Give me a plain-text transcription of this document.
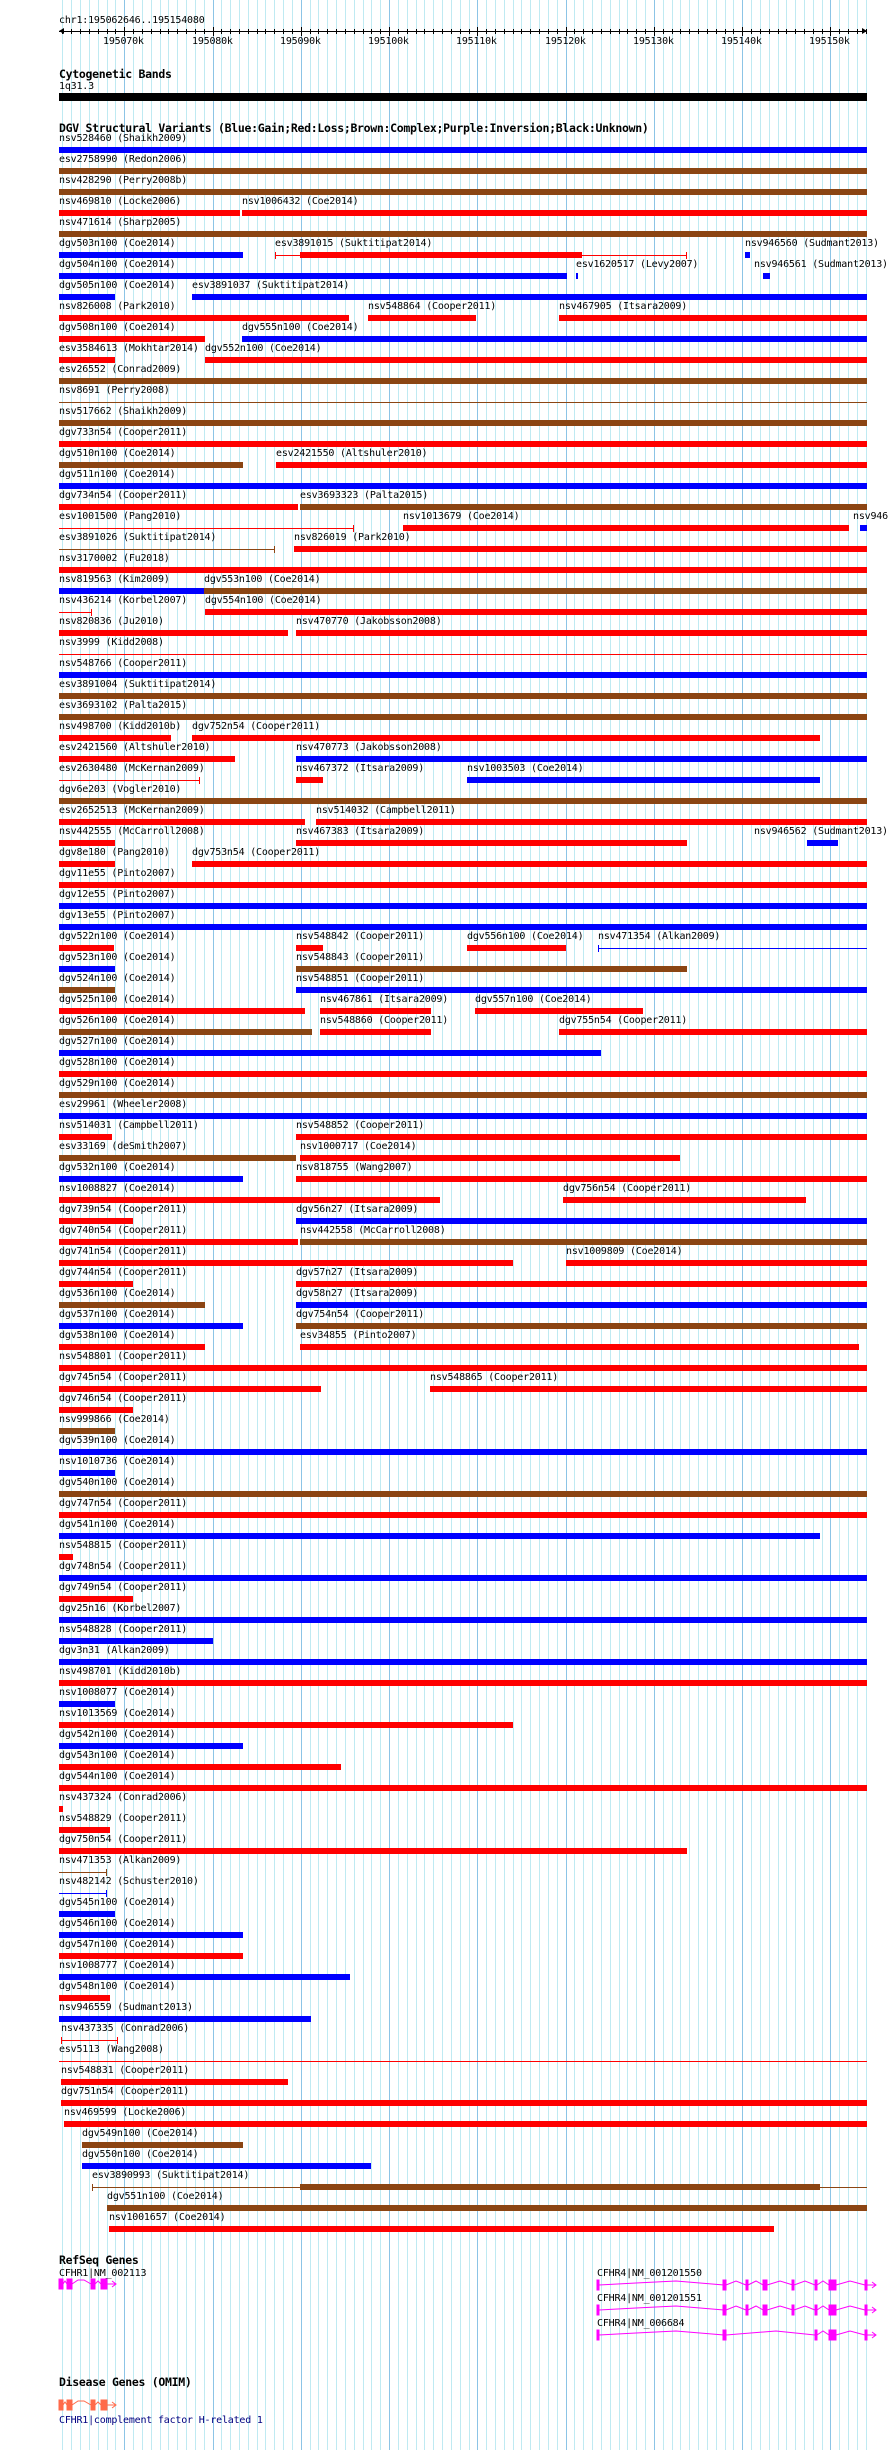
chr1:195062646..195154080
195070k	195080k	195090k	195100k	195110k	195120k	195130k	195140k	195150k
Cytogenetic Bands
1q31.3
DGV Structural Variants (Blue:Gain;Red:Loss;Brown:Complex;Purple:Inversion;Black:Unknown)
nsv528460 (Shaikh2009)
esv2758990 (Redon2006)
nsv428290 (Perry2008b)
nsv469810 (Locke2006)	nsv1006432 (Coe2014)
nsv471614 (Sharp2005)
dgv503n100 (Coe2014)	esv3891015 (Suktitipat2014)	nsv946560 (Sudmant2013)
dgv504n100 (Coe2014)	esv1620517 (Levy2007)	nsv946561 (Sudmant2013)
dgv505n100 (Coe2014) esv3891037 (Suktitipat2014)
nsv826008 (Park2010)	nsv548864 (Cooper2011)	nsv467905 (Itsara2009)
dgv508n100 (Coe2014)	dgv555n100 (Coe2014)
esv3584613 (Mokhtar2014) dgv552n100 (Coe2014)
esv26552 (Conrad2009)
nsv8691 (Perry2008)
nsv517662 (Shaikh2009)
dgv733n54 (Cooper2011)
dgv510n100 (Coe2014)	esv2421550 (Altshuler2010)
dgv511n100 (Coe2014)
dgv734n54 (Cooper2011)	esv3693323 (Palta2015)
esv1001500 (Pang2010)	nsv1013679 (Coe2014)	nsv946
esv3891026 (Suktitipat2014)	nsv826019 (Park2010)
nsv3170002 (Fu2018)
nsv819563 (Kim2009)	dgv553n100 (Coe2014)
nsv436214 (Korbel2007) dgv554n100 (Coe2014)
nsv820836 (Ju2010)	nsv470770 (Jakobsson2008)
nsv3999 (Kidd2008)
nsv548766 (Cooper2011)
esv3891004 (Suktitipat2014)
esv3693102 (Palta2015)
nsv498700 (Kidd2010b) dgv752n54 (Cooper2011)
esv2421560 (Altshuler2010)	nsv470773 (Jakobsson2008)
esv2630480 (McKernan2009)	nsv467372 (Itsara2009)	nsv1003503 (Coe2014)
dgv6e203 (Vogler2010)
esv2652513 (McKernan2009)	nsv514032 (Campbell2011)
nsv442555 (McCarroll2008)	nsv467383 (Itsara2009)	nsv946562 (Sudmant2013)
dgv8e180 (Pang2010) dgv753n54 (Cooper2011)
dgv11e55 (Pinto2007)
dgv12e55 (Pinto2007)
dgv13e55 (Pinto2007)
dgv522n100 (Coe2014)	nsv548842 (Cooper2011)	dgv556n100 (Coe2014) nsv471354 (Alkan2009)
dgv523n100 (Coe2014)	nsv548843 (Cooper2011)
dgv524n100 (Coe2014)	nsv548851 (Cooper2011)
dgv525n100 (Coe2014)	nsv467861 (Itsara2009)	dgv557n100 (Coe2014)
dgv526n100 (Coe2014)	nsv548860 (Cooper2011)	dgv755n54 (Cooper2011)
dgv527n100 (Coe2014)
dgv528n100 (Coe2014)
dgv529n100 (Coe2014)
esv29961 (Wheeler2008)
nsv514031 (Campbell2011)	nsv548852 (Cooper2011)
esv33169 (deSmith2007)	nsv1000717 (Coe2014)
dgv532n100 (Coe2014)	nsv818755 (Wang2007)
nsv1008827 (Coe2014)	dgv756n54 (Cooper2011)
dgv739n54 (Cooper2011)	dgv56n27 (Itsara2009)
dgv740n54 (Cooper2011)	nsv442558 (McCarroll2008)
dgv741n54 (Cooper2011)	nsv1009809 (Coe2014)
dgv744n54 (Cooper2011)	dgv57n27 (Itsara2009)
dgv536n100 (Coe2014)	dgv58n27 (Itsara2009)
dgv537n100 (Coe2014)	dgv754n54 (Cooper2011)
dgv538n100 (Coe2014)	esv34855 (Pinto2007)
nsv548801 (Cooper2011)
dgv745n54 (Cooper2011)	nsv548865 (Cooper2011)
dgv746n54 (Cooper2011)
nsv999866 (Coe2014)
dgv539n100 (Coe2014)
nsv1010736 (Coe2014)
dgv540n100 (Coe2014)
dgv747n54 (Cooper2011)
dgv541n100 (Coe2014)
nsv548815 (Cooper2011)
dgv748n54 (Cooper2011)
dgv749n54 (Cooper2011)
dgv25n16 (Korbel2007)
nsv548828 (Cooper2011)
dgv3n31 (Alkan2009)
nsv498701 (Kidd2010b)
nsv1008077 (Coe2014)
nsv1013569 (Coe2014)
dgv542n100 (Coe2014)
dgv543n100 (Coe2014)
dgv544n100 (Coe2014)
nsv437324 (Conrad2006)
nsv548829 (Cooper2011)
dgv750n54 (Cooper2011)
nsv471353 (Alkan2009)
nsv482142 (Schuster2010)
dgv545n100 (Coe2014)
dgv546n100 (Coe2014)
dgv547n100 (Coe2014)
nsv1008777 (Coe2014)
dgv548n100 (Coe2014)
nsv946559 (Sudmant2013)
nsv437335 (Conrad2006)
esv5113 (Wang2008)
nsv548831 (Cooper2011)
dgv751n54 (Cooper2011)
nsv469599 (Locke2006)
dgv549n100 (Coe2014)
dgv550n100 (Coe2014)
esv3890993 (Suktitipat2014)
dgv551n100 (Coe2014)
nsv1001657 (Coe2014)
RefSeq Genes
CFHR1|NM_002113	CFHR4|NM_001201550
CFHR4|NM_001201551
CFHR4|NM_006684
Disease Genes (OMIM)
CFHR1|complement factor H-related 1
